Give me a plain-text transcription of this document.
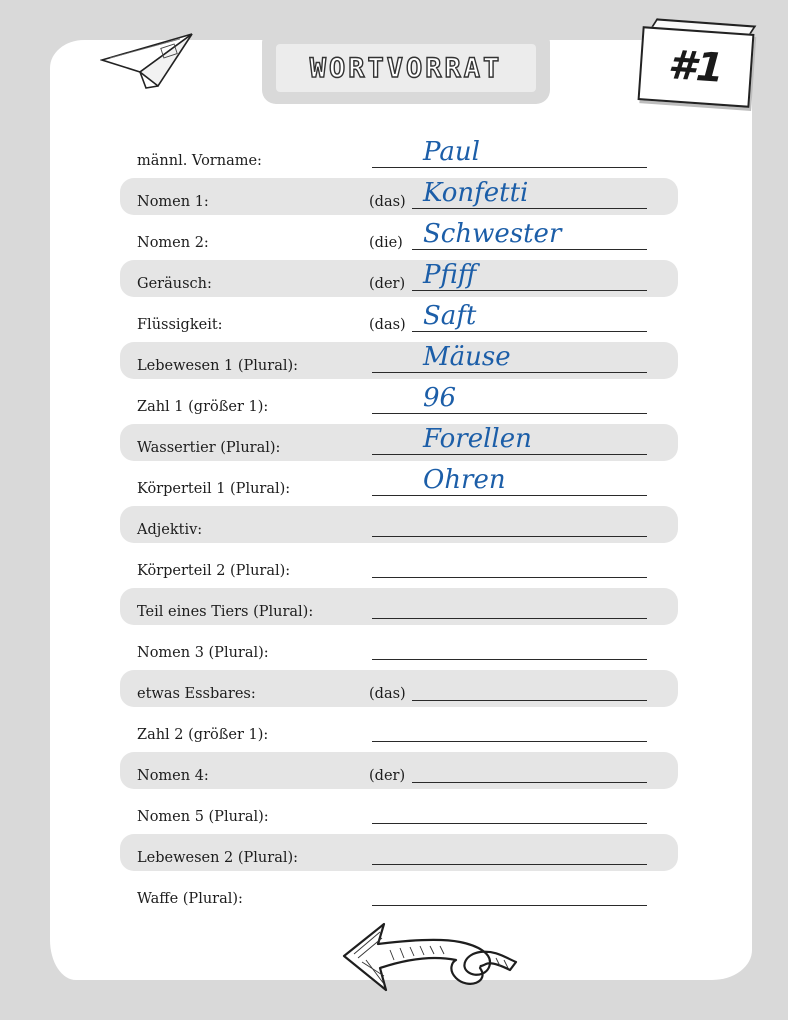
WORTVORRAT	#1
männl. Vorname:	Paul
Nomen 1:	(das) Konfetti
Nomen 2:	(die) Schwester
Geräusch:	(der) Pfiff
Flüssigkeit:	(das) Saft
Lebewesen 1 (Plural):	Mäuse
Zahl 1 (größer 1):	96
Wassertier (Plural):	Forellen
Körperteil 1 (Plural):	Ohren
Adjektiv:
Körperteil 2 (Plural):
Teil eines Tiers (Plural):
Nomen 3 (Plural):
etwas Essbares:	(das)
Zahl 2 (größer 1):
Nomen 4:	(der)
Nomen 5 (Plural):
Lebewesen 2 (Plural):
Waffe (Plural):
